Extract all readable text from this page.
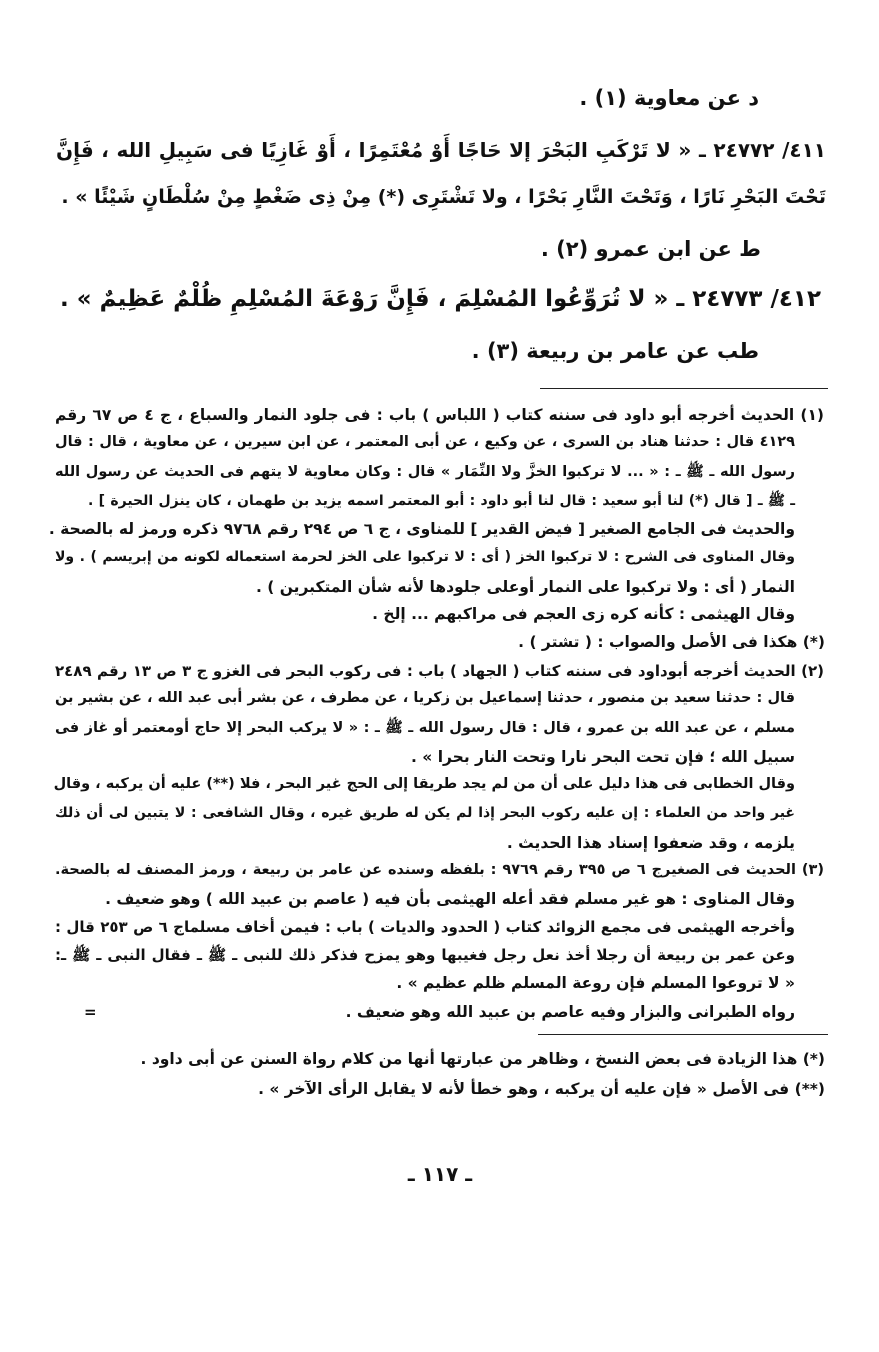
د عن معاوية (١) .
٤١١/ ٢٤٧٧٢ ـ « لا تَرْكَبِ البَحْرَ إلا حَاجًا أَوْ مُعْتَمِرًا ، أَوْ غَازِيًا فى سَبِيلِ الله ، فَإِنَّ
تَحْتَ البَحْرِ نَارًا ، وَتَحْتَ النَّارِ بَحْرًا ، ولا تَشْتَرِى (*) مِنْ ذِى ضَغْطٍ مِنْ سُلْطَانٍ شَيْئًا » .
ط عن ابن عمرو (٢) .
٤١٢/ ٢٤٧٧٣ ـ « لا تُرَوِّعُوا المُسْلِمَ ، فَإِنَّ رَوْعَةَ المُسْلِمِ ظُلْمٌ عَظِيمٌ » .
طب عن عامر بن ربيعة (٣) .
(١) الحديث أخرجه أبو داود فى سننه كتاب ( اللباس ) باب : فى جلود النمار والسباع ، ج ٤ ص ٦٧ رقم
٤١٢٩ قال : حدثنا هناد بن السرى ، عن وكيع ، عن أبى المعتمر ، عن ابن سيرين ، عن معاوية ، قال : قال
رسول الله ـ ﷺ ـ : « ... لا تركبوا الخزَّ ولا النِّمَار » قال : وكان معاوية لا يتهم فى الحديث عن رسول الله
ـ ﷺ ـ [ قال (*) لنا أبو سعيد : قال لنا أبو داود : أبو المعتمر اسمه يزيد بن طهمان ، كان ينزل الحيرة ] .
والحديث فى الجامع الصغير [ فيض القدير ] للمناوى ، ج ٦ ص ٢٩٤ رقم ٩٧٦٨ ذكره ورمز له بالصحة .
وقال المناوى فى الشرح : لا تركبوا الخز ( أى : لا تركبوا على الخز لحرمة استعماله لكونه من إبريسم ) . ولا
النمار ( أى : ولا تركبوا على النمار أوعلى جلودها لأنه شأن المتكبرين ) .
وقال الهيثمى : كأنه كره زى العجم فى مراكبهم ... إلخ .
(*) هكذا فى الأصل والصواب : ( تشتر ) .
(٢) الحديث أخرجه أبوداود فى سننه كتاب ( الجهاد ) باب : فى ركوب البحر فى الغزو ج ٣ ص ١٣ رقم ٢٤٨٩
قال : حدثنا سعيد بن منصور ، حدثنا إسماعيل بن زكريا ، عن مطرف ، عن بشر أبى عبد الله ، عن بشير بن
مسلم ، عن عبد الله بن عمرو ، قال : قال رسول الله ـ ﷺ ـ : « لا يركب البحر إلا حاج أومعتمر أو غاز فى
سبيل الله ؛ فإن تحت البحر نارا وتحت النار بحرا » .
وقال الخطابى فى هذا دليل على أن من لم يجد طريقا إلى الحج غير البحر ، فلا (**) عليه أن يركبه ، وقال
غير واحد من العلماء : إن عليه ركوب البحر إذا لم يكن له طريق غيره ، وقال الشافعى : لا يتبين لى أن ذلك
يلزمه ، وقد ضعفوا إسناد هذا الحديث .
(٣) الحديث فى الصغيرج ٦ ص ٣٩٥ رقم ٩٧٦٩ : بلفظه وسنده عن عامر بن ربيعة ، ورمز المصنف له بالصحة.
وقال المناوى : هو غير مسلم فقد أعله الهيثمى بأن فيه ( عاصم بن عبيد الله ) وهو ضعيف .
وأخرجه الهيثمى فى مجمع الزوائد كتاب ( الحدود والديات ) باب : فيمن أخاف مسلماج ٦ ص ٢٥٣ قال :
وعن عمر بن ربيعة أن رجلا أخذ نعل رجل فغيبها وهو يمزح فذكر ذلك للنبى ـ ﷺ ـ فقال النبى ـ ﷺ ـ:
« لا تروعوا المسلم فإن روعة المسلم ظلم عظيم » .
رواه الطبرانى والبزار وفيه عاصم بن عبيد الله وهو ضعيف .
=
(*) هذا الزيادة فى بعض النسخ ، وظاهر من عبارتها أنها من كلام رواة السنن عن أبى داود .
(**) فى الأصل « فإن عليه أن يركبه ، وهو خطأ لأنه لا يقابل الرأى الآخر » .
ـ ١١٧ ـ
